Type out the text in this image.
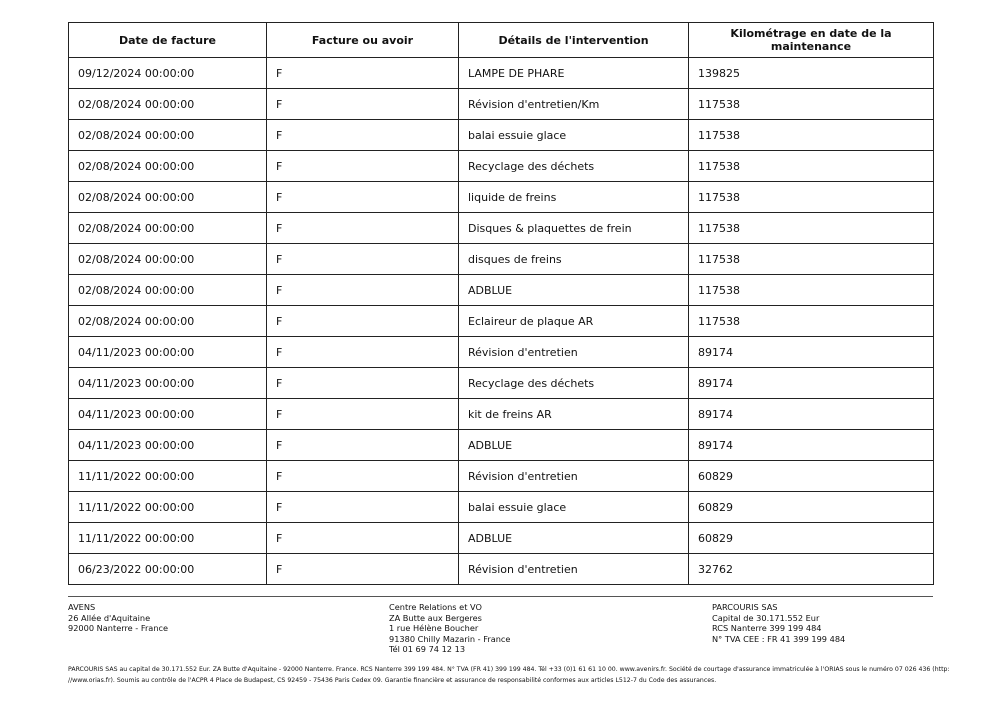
Date de facture	Facture ou avoir	Détails de l'intervention	Kilométrage en date de la maintenance
09/12/2024 00:00:00	F	LAMPE DE PHARE	139825
02/08/2024 00:00:00	F	Révision d'entretien/Km	117538
02/08/2024 00:00:00	F	balai essuie glace	117538
02/08/2024 00:00:00	F	Recyclage des déchets	117538
02/08/2024 00:00:00	F	liquide de freins	117538
02/08/2024 00:00:00	F	Disques & plaquettes de frein	117538
02/08/2024 00:00:00	F	disques de freins	117538
02/08/2024 00:00:00	F	ADBLUE	117538
02/08/2024 00:00:00	F	Eclaireur de plaque AR	117538
04/11/2023 00:00:00	F	Révision d'entretien	89174
04/11/2023 00:00:00	F	Recyclage des déchets	89174
04/11/2023 00:00:00	F	kit de freins AR	89174
04/11/2023 00:00:00	F	ADBLUE	89174
11/11/2022 00:00:00	F	Révision d'entretien	60829
11/11/2022 00:00:00	F	balai essuie glace	60829
11/11/2022 00:00:00	F	ADBLUE	60829
06/23/2022 00:00:00	F	Révision d'entretien	32762
AVENS
26 Allée d'Aquitaine
92000 Nanterre - France
Centre Relations et VO
ZA Butte aux Bergeres
1 rue Hélène Boucher
91380 Chilly Mazarin - France
Tél 01 69 74 12 13
PARCOURIS SAS
Capital de 30.171.552 Eur
RCS Nanterre 399 199 484
N° TVA CEE : FR 41 399 199 484
PARCOURIS SAS au capital de 30.171.552 Eur. ZA Butte d'Aquitaine - 92000 Nanterre. France. RCS Nanterre 399 199 484. N° TVA (FR 41) 399 199 484. Tél +33 (0)1 61 61 10 00. www.avenirs.fr. Société de courtage d'assurance immatriculée à l'ORIAS sous le numéro 07 026 436 (http:
//www.orias.fr). Soumis au contrôle de l'ACPR 4 Place de Budapest, CS 92459 - 75436 Paris Cedex 09. Garantie financière et assurance de responsabilité conformes aux articles L512-7 du Code des assurances.
